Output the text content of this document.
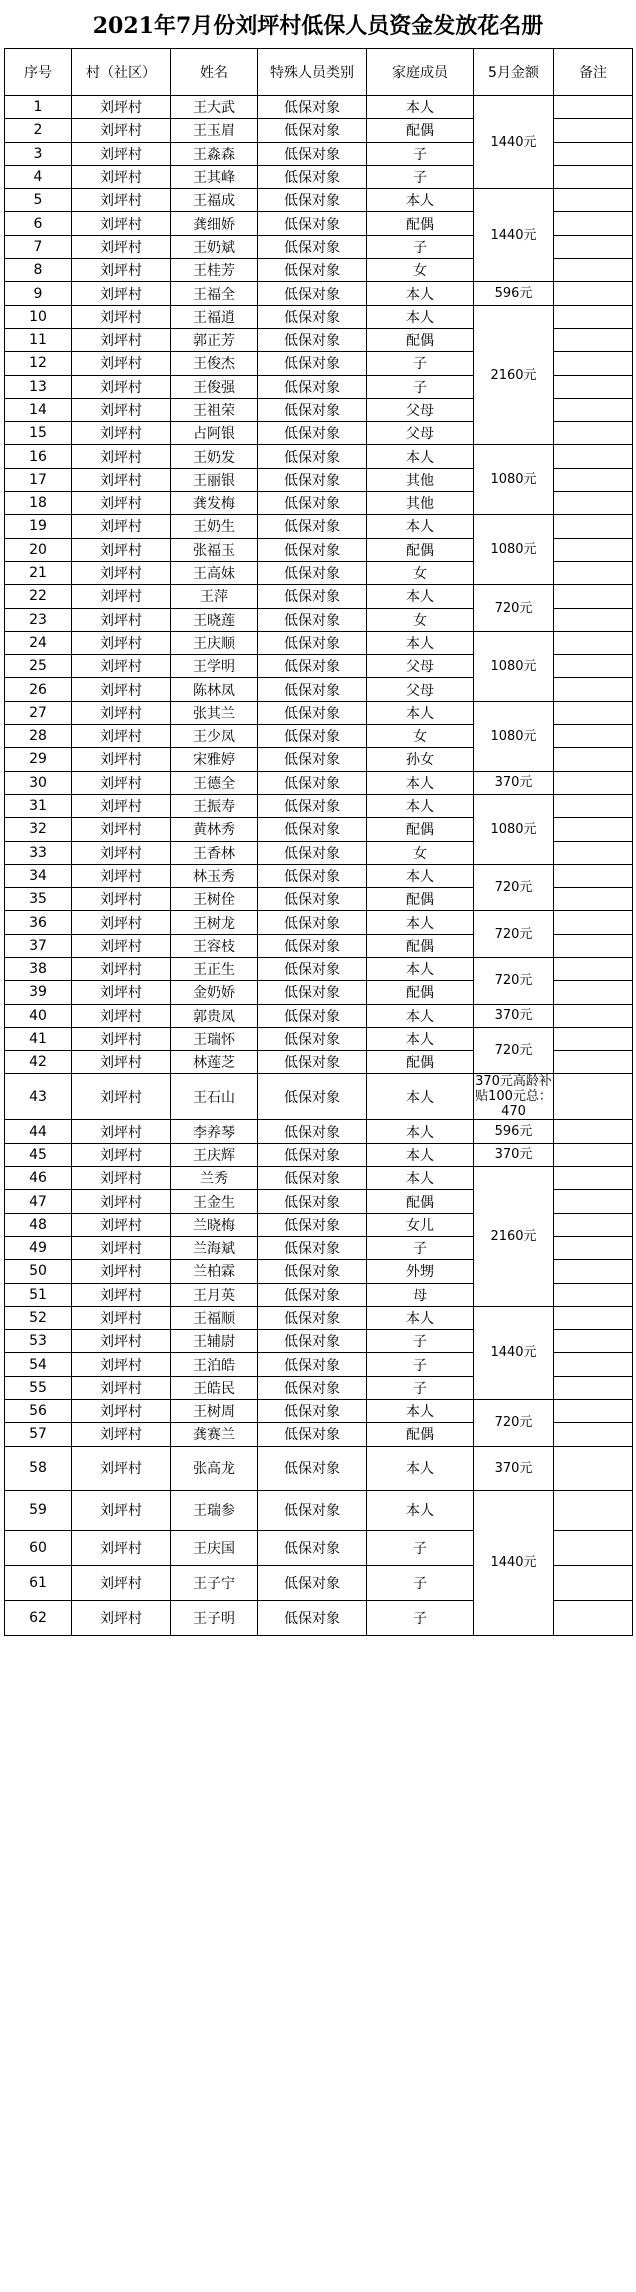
2021年7月份刘坪村低保人员资金发放花名册
序号	村（社区）	姓名	特殊人员类别	家庭成员	5月金额	备注
1	刘坪村	王大武	低保对象	本人	1440元	
2	刘坪村	王玉眉	低保对象	配偶		
3	刘坪村	王淼森	低保对象	子		
4	刘坪村	王其峰	低保对象	子		
5	刘坪村	王福成	低保对象	本人	1440元	
6	刘坪村	龚细娇	低保对象	配偶		
7	刘坪村	王奶斌	低保对象	子		
8	刘坪村	王桂芳	低保对象	女		
9	刘坪村	王福全	低保对象	本人	596元	
10	刘坪村	王福逍	低保对象	本人	2160元	
11	刘坪村	郭正芳	低保对象	配偶		
12	刘坪村	王俊杰	低保对象	子		
13	刘坪村	王俊强	低保对象	子		
14	刘坪村	王祖荣	低保对象	父母		
15	刘坪村	占阿银	低保对象	父母		
16	刘坪村	王奶发	低保对象	本人	1080元	
17	刘坪村	王丽银	低保对象	其他		
18	刘坪村	龚发梅	低保对象	其他		
19	刘坪村	王奶生	低保对象	本人	1080元	
20	刘坪村	张福玉	低保对象	配偶		
21	刘坪村	王高妹	低保对象	女		
22	刘坪村	王萍	低保对象	本人	720元	
23	刘坪村	王晓莲	低保对象	女		
24	刘坪村	王庆顺	低保对象	本人	1080元	
25	刘坪村	王学明	低保对象	父母		
26	刘坪村	陈林凤	低保对象	父母		
27	刘坪村	张其兰	低保对象	本人	1080元	
28	刘坪村	王少凤	低保对象	女		
29	刘坪村	宋雅婷	低保对象	孙女		
30	刘坪村	王德全	低保对象	本人	370元	
31	刘坪村	王振寿	低保对象	本人	1080元	
32	刘坪村	黄林秀	低保对象	配偶		
33	刘坪村	王香林	低保对象	女		
34	刘坪村	林玉秀	低保对象	本人	720元	
35	刘坪村	王树佺	低保对象	配偶		
36	刘坪村	王树龙	低保对象	本人	720元	
37	刘坪村	王容枝	低保对象	配偶		
38	刘坪村	王正生	低保对象	本人	720元	
39	刘坪村	金奶娇	低保对象	配偶		
40	刘坪村	郭贵凤	低保对象	本人	370元	
41	刘坪村	王瑞怀	低保对象	本人	720元	
42	刘坪村	林莲芝	低保对象	配偶		
43	刘坪村	王石山	低保对象	本人	370元高龄补贴100元总：470	
44	刘坪村	李养琴	低保对象	本人	596元	
45	刘坪村	王庆辉	低保对象	本人	370元	
46	刘坪村	兰秀	低保对象	本人	2160元	
47	刘坪村	王金生	低保对象	配偶		
48	刘坪村	兰晓梅	低保对象	女儿		
49	刘坪村	兰海斌	低保对象	子		
50	刘坪村	兰柏霖	低保对象	外甥		
51	刘坪村	王月英	低保对象	母		
52	刘坪村	王福顺	低保对象	本人	1440元	
53	刘坪村	王辅尉	低保对象	子		
54	刘坪村	王泊皓	低保对象	子		
55	刘坪村	王皓民	低保对象	子		
56	刘坪村	王树周	低保对象	本人	720元	
57	刘坪村	龚赛兰	低保对象	配偶		
58	刘坪村	张高龙	低保对象	本人	370元	
59	刘坪村	王瑞参	低保对象	本人	1440元	
60	刘坪村	王庆国	低保对象	子		
61	刘坪村	王子宁	低保对象	子		
62	刘坪村	王子明	低保对象	子		
